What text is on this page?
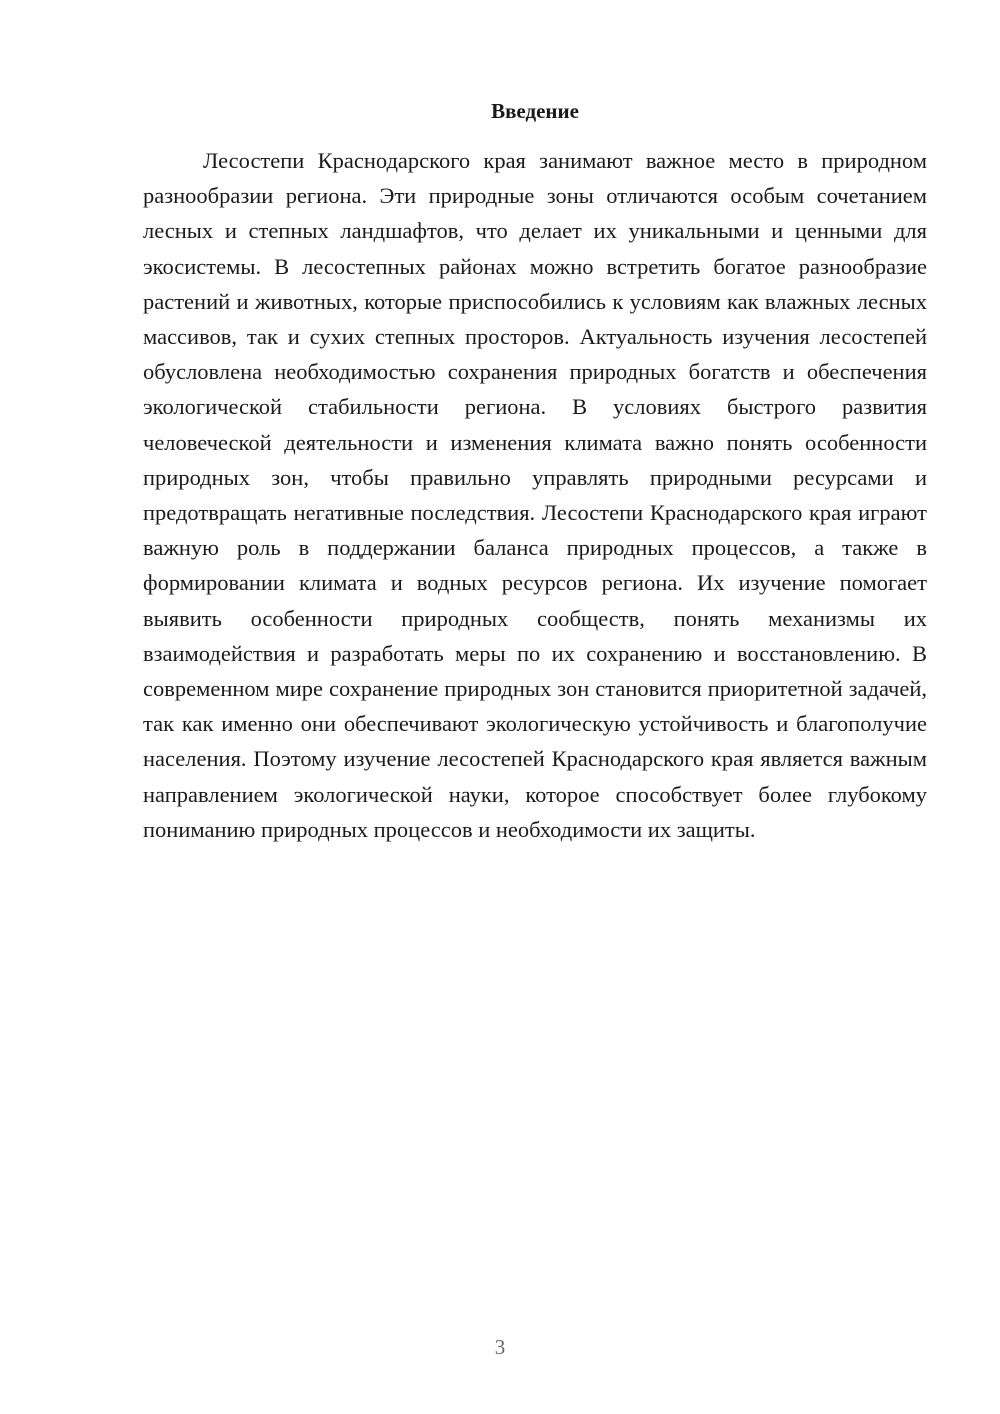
Введение

Лесостепи Краснодарского края занимают важное место в природном разнообразии региона. Эти природные зоны отличаются особым сочетанием лесных и степных ландшафтов, что делает их уникальными и ценными для экосистемы. В лесостепных районах можно встретить богатое разнообразие растений и животных, которые приспособились к условиям как влажных лесных массивов, так и сухих степных просторов. Актуальность изучения лесостепей обусловлена необходимостью сохранения природных богатств и обеспечения экологической стабильности региона. В условиях быстрого развития человеческой деятельности и изменения климата важно понять особенности природных зон, чтобы правильно управлять природными ресурсами и предотвращать негативные последствия. Лесостепи Краснодарского края играют важную роль в поддержании баланса природных процессов, а также в формировании климата и водных ресурсов региона. Их изучение помогает выявить особенности природных сообществ, понять механизмы их взаимодействия и разработать меры по их сохранению и восстановлению. В современном мире сохранение природных зон становится приоритетной задачей, так как именно они обеспечивают экологическую устойчивость и благополучие населения. Поэтому изучение лесостепей Краснодарского края является важным направлением экологической науки, которое способствует более глубокому пониманию природных процессов и необходимости их защиты.

3
